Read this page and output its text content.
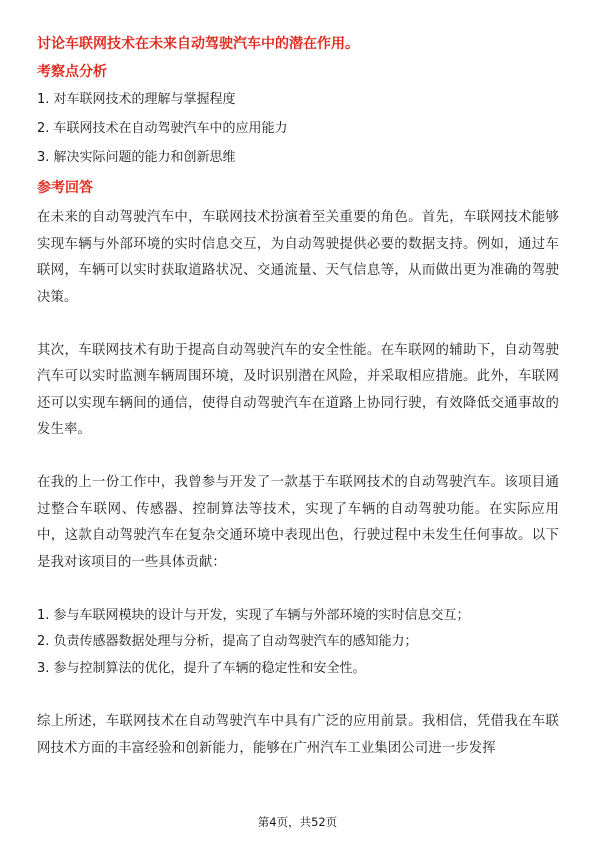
讨论车联网技术在未来自动驾驶汽车中的潜在作用。
考察点分析
1. 对车联网技术的理解与掌握程度
2. 车联网技术在自动驾驶汽车中的应用能力
3. 解决实际问题的能力和创新思维
参考回答

在未来的自动驾驶汽车中，车联网技术扮演着至关重要的角色。首先，车联网技术能够实现车辆与外部环境的实时信息交互，为自动驾驶提供必要的数据支持。例如，通过车联网，车辆可以实时获取道路状况、交通流量、天气信息等，从而做出更为准确的驾驶决策。

其次，车联网技术有助于提高自动驾驶汽车的安全性能。在车联网的辅助下，自动驾驶汽车可以实时监测车辆周围环境，及时识别潜在风险，并采取相应措施。此外，车联网还可以实现车辆间的通信，使得自动驾驶汽车在道路上协同行驶，有效降低交通事故的发生率。

在我的上一份工作中，我曾参与开发了一款基于车联网技术的自动驾驶汽车。该项目通过整合车联网、传感器、控制算法等技术，实现了车辆的自动驾驶功能。在实际应用中，这款自动驾驶汽车在复杂交通环境中表现出色，行驶过程中未发生任何事故。以下是我对该项目的一些具体贡献：

1. 参与车联网模块的设计与开发，实现了车辆与外部环境的实时信息交互；
2. 负责传感器数据处理与分析，提高了自动驾驶汽车的感知能力；
3. 参与控制算法的优化，提升了车辆的稳定性和安全性。

综上所述，车联网技术在自动驾驶汽车中具有广泛的应用前景。我相信，凭借我在车联网技术方面的丰富经验和创新能力，能够在广州汽车工业集团公司进一步发挥

第4页，共52页
